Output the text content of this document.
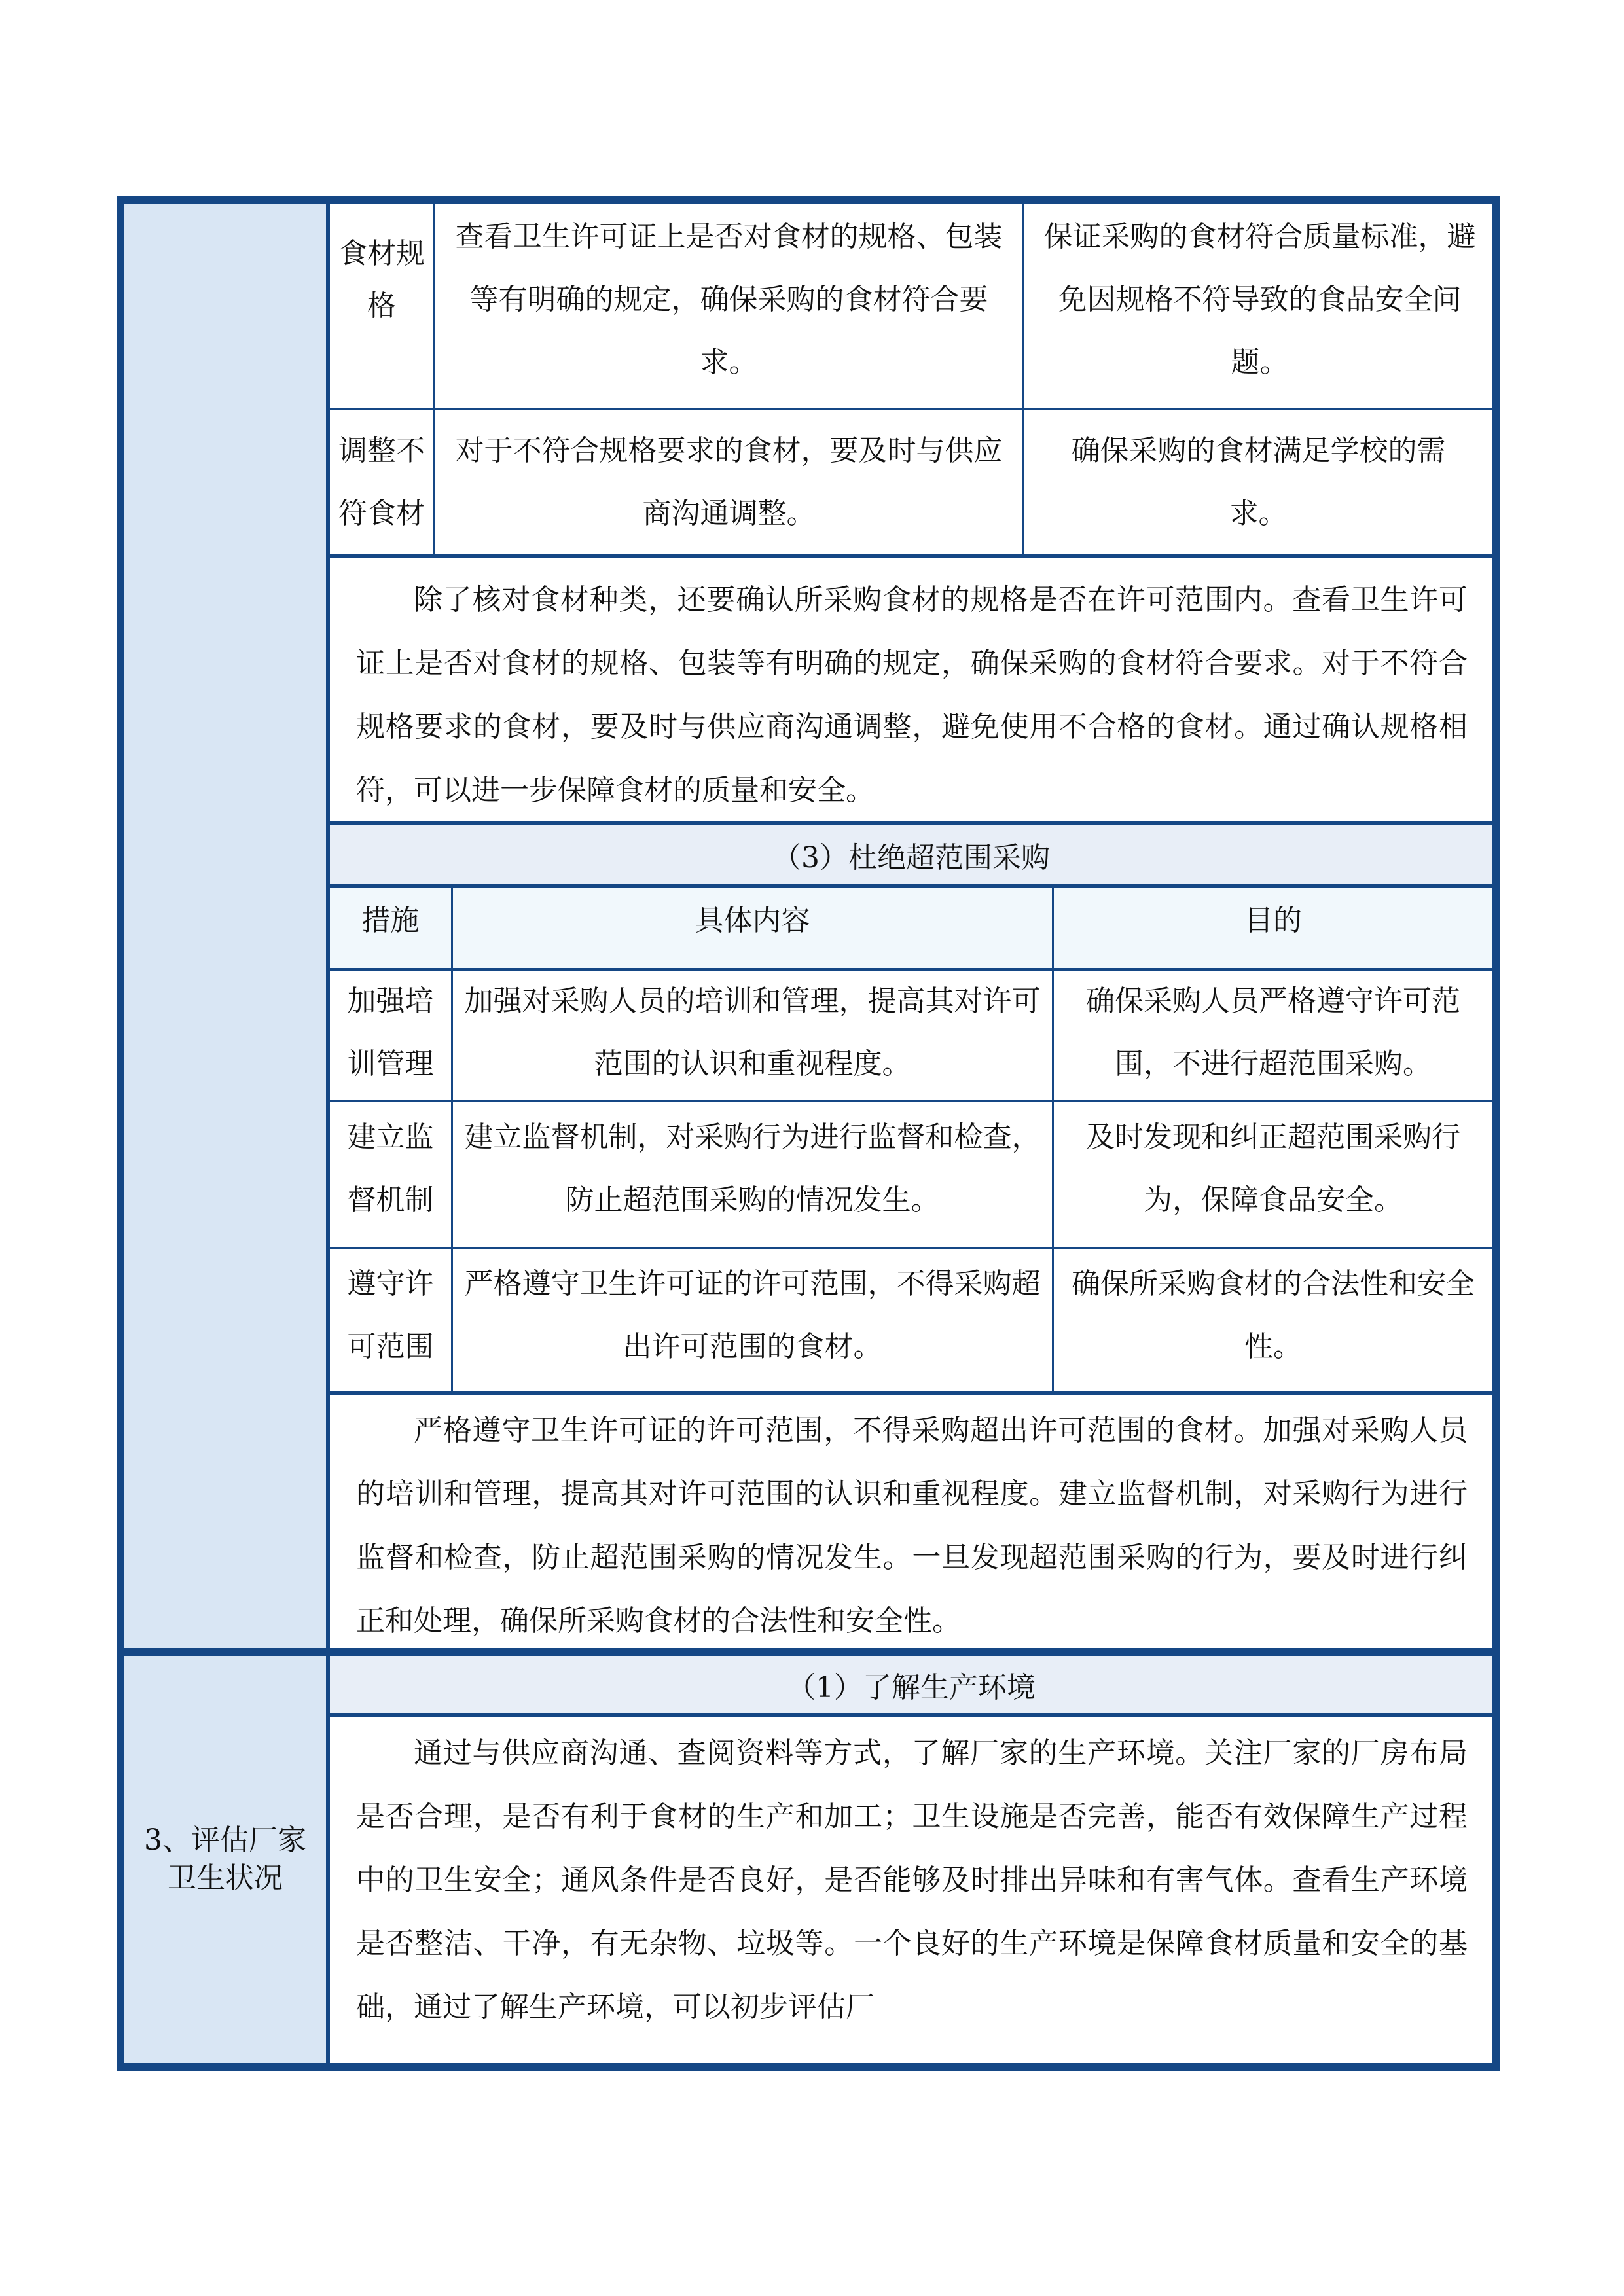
食材规格
查看卫生许可证上是否对食材的规格、包装等有明确的规定，确保采购的食材符合要求。
保证采购的食材符合质量标准，避免因规格不符导致的食品安全问题。
调整不符食材
对于不符合规格要求的食材，要及时与供应商沟通调整。
确保采购的食材满足学校的需求。
除了核对食材种类，还要确认所采购食材的规格是否在许可范围内。查看卫生许可证上是否对食材的规格、包装等有明确的规定，确保采购的食材符合要求。对于不符合规格要求的食材，要及时与供应商沟通调整，避免使用不合格的食材。通过确认规格相符，可以进一步保障食材的质量和安全。
（3）杜绝超范围采购
措施	具体内容	目的
加强培训管理
加强对采购人员的培训和管理，提高其对许可范围的认识和重视程度。
确保采购人员严格遵守许可范围，不进行超范围采购。
建立监督机制
建立监督机制，对采购行为进行监督和检查，防止超范围采购的情况发生。
及时发现和纠正超范围采购行为，保障食品安全。
遵守许可范围
严格遵守卫生许可证的许可范围，不得采购超出许可范围的食材。
确保所采购食材的合法性和安全性。
严格遵守卫生许可证的许可范围，不得采购超出许可范围的食材。加强对采购人员的培训和管理，提高其对许可范围的认识和重视程度。建立监督机制，对采购行为进行监督和检查，防止超范围采购的情况发生。一旦发现超范围采购的行为，要及时进行纠正和处理，确保所采购食材的合法性和安全性。
3、评估厂家卫生状况
（1）了解生产环境
通过与供应商沟通、查阅资料等方式，了解厂家的生产环境。关注厂家的厂房布局是否合理，是否有利于食材的生产和加工；卫生设施是否完善，能否有效保障生产过程中的卫生安全；通风条件是否良好，是否能够及时排出异味和有害气体。查看生产环境是否整洁、干净，有无杂物、垃圾等。一个良好的生产环境是保障食材质量和安全的基础，通过了解生产环境，可以初步评估厂
